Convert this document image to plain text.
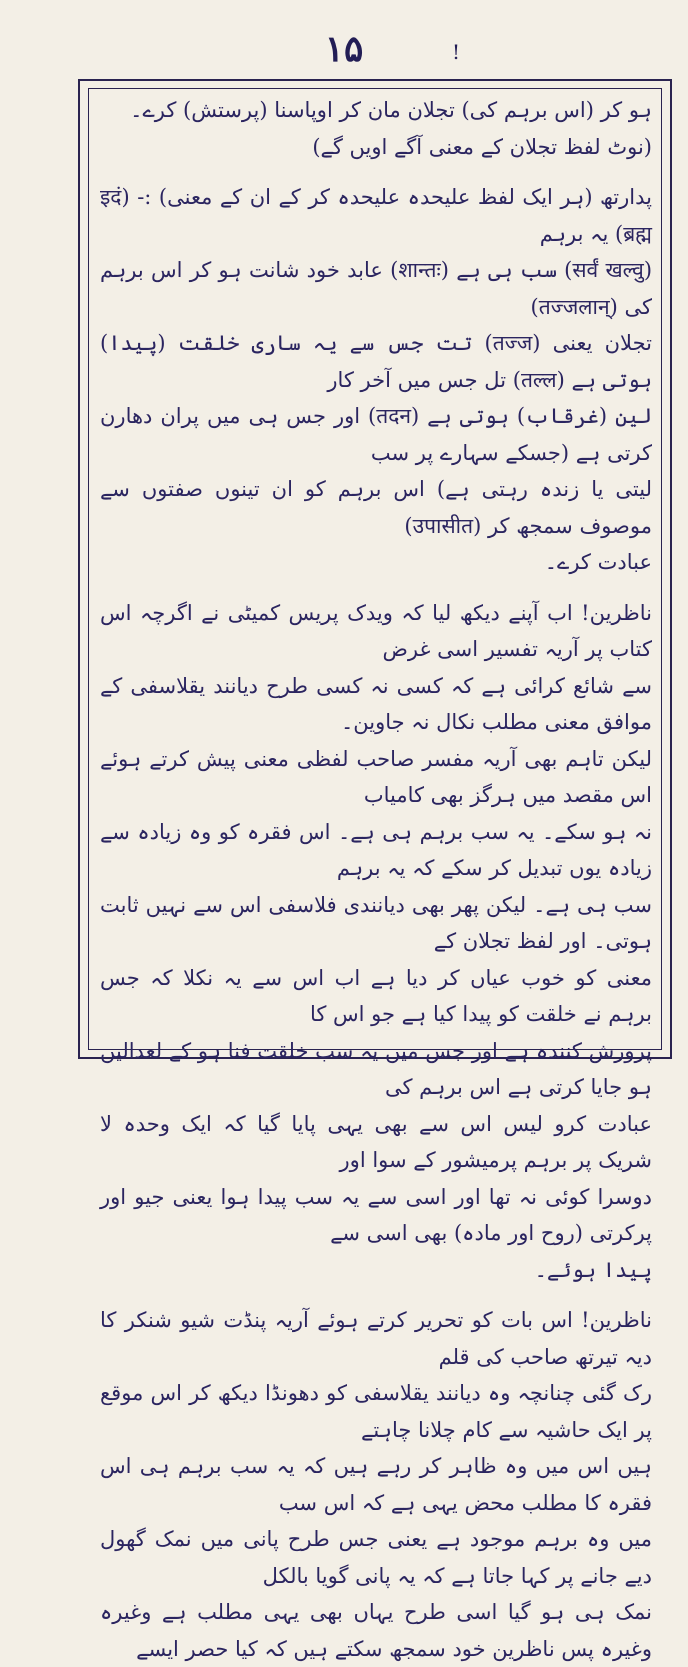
۱۵	!

ہو کر (اس برہم کی) تجلان مان کر اوپاسنا (پرستش) کرے۔
(نوٹ لفظ تجلان کے معنی آگے اویں گے)

پدارتھ (ہر ایک لفظ علیحدہ علیحدہ کر کے ان کے معنی) :- (इदं ब्रह्म) یہ برہم
(सर्वं खल्वु) سب ہی ہے (शान्तः) عابد خود شانت ہو کر اس برہم کی (तज्जलान्)
تجلان یعنی (तज्ज) تت جس سے یہ ساری خلقت (پیدا) ہوتی ہے (तल्ल) تل جس میں آخر کار
لین (غرقاب) ہوتی ہے (तदन) اور جس ہی میں پران دھارن کرتی ہے (جسکے سہارے پر سب
لیتی یا زندہ رہتی ہے) اس برہم کو ان تینوں صفتوں سے موصوف سمجھ کر (उपासीत)
عبادت کرے۔

ناظرین! اب آپنے دیکھ لیا کہ ویدک پریس کمیٹی نے اگرچہ اس کتاب پر آریہ تفسیر اسی غرض
سے شائع کرائی ہے کہ کسی نہ کسی طرح دیانند یقلاسفی کے موافق معنی مطلب نکال نہ جاوین۔
لیکن تاہم بھی آریہ مفسر صاحب لفظی معنی پیش کرتے ہوئے اس مقصد میں ہرگز بھی کامیاب
نہ ہو سکے۔ یہ سب برہم ہی ہے۔ اس فقرہ کو وہ زیادہ سے زیادہ یوں تبدیل کر سکے کہ یہ برہم
سب ہی ہے۔ لیکن پھر بھی دیانندی فلاسفی اس سے نہیں ثابت ہوتی۔ اور لفظ تجلان کے
معنی کو خوب عیاں کر دیا ہے اب اس سے یہ نکلا کہ جس برہم نے خلقت کو پیدا کیا ہے جو اس کا
پرورش کنندہ ہے اور جس میں یہ سب خلقت فنا ہو کے لعدالیں ہو جایا کرتی ہے اس برہم کی
عبادت کرو لیس اس سے بھی یہی پایا گیا کہ ایک وحدہ لا شریک پر برہم پرمیشور کے سوا اور
دوسرا کوئی نہ تھا اور اسی سے یہ سب پیدا ہوا یعنی جیو اور پرکرتی (روح اور مادہ) بھی اسی سے
پیدا ہوئے۔

ناظرین! اس بات کو تحریر کرتے ہوئے آریہ پنڈت شیو شنکر کا دیہ تیرتھ صاحب کی قلم
رک گئی چنانچہ وہ دیانند یقلاسفی کو دھونڈا دیکھ کر اس موقع پر ایک حاشیہ سے کام چلانا چاہتے
ہیں اس میں وہ ظاہر کر رہے ہیں کہ یہ سب برہم ہی اس فقرہ کا مطلب محض یہی ہے کہ اس سب
میں وہ برہم موجود ہے یعنی جس طرح پانی میں نمک گھول دیے جانے پر کہا جاتا ہے کہ یہ پانی گویا بالکل
نمک ہی ہو گیا اسی طرح یہاں بھی یہی مطلب ہے وغیرہ وغیرہ پس ناظرین خود سمجھ سکتے ہیں کہ کیا حصر ایسے
